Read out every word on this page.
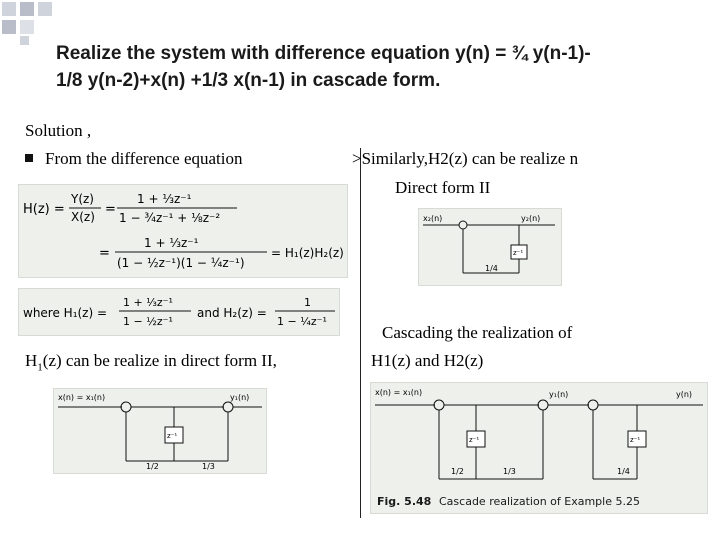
Realize the system with difference equation y(n) = ¾ y(n-1)-
1/8 y(n-2)+x(n) +1/3 x(n-1) in cascade form.
Solution ,
From the difference equation	>Similarly,H2(z) can be realize n
Direct form II
H(z) =
Y(z)
X(z) =
1 + ⅓z⁻¹
1 − ¾z⁻¹ + ⅛z⁻²
=
1 + ⅓z⁻¹
(1 − ½z⁻¹)(1 − ¼z⁻¹)
= H₁(z)H₂(z)
where H₁(z) =
1 + ⅓z⁻¹
1 − ½z⁻¹
and H₂(z) =
1
1 − ¼z⁻¹
x₂(n)	y₂(n)
z⁻¹
1/4
Cascading the realization of
H1(z) and H2(z)
$H_1(z)$ can be realize in direct form II,
x(n) = x₁(n)	y₁(n)
z⁻¹
1/2	1/3
x(n) = x₁(n)	y₁(n)	y(n)
z⁻¹
1/2	1/3
z⁻¹
1/4
Fig. 5.48 Cascade realization of Example 5.25
